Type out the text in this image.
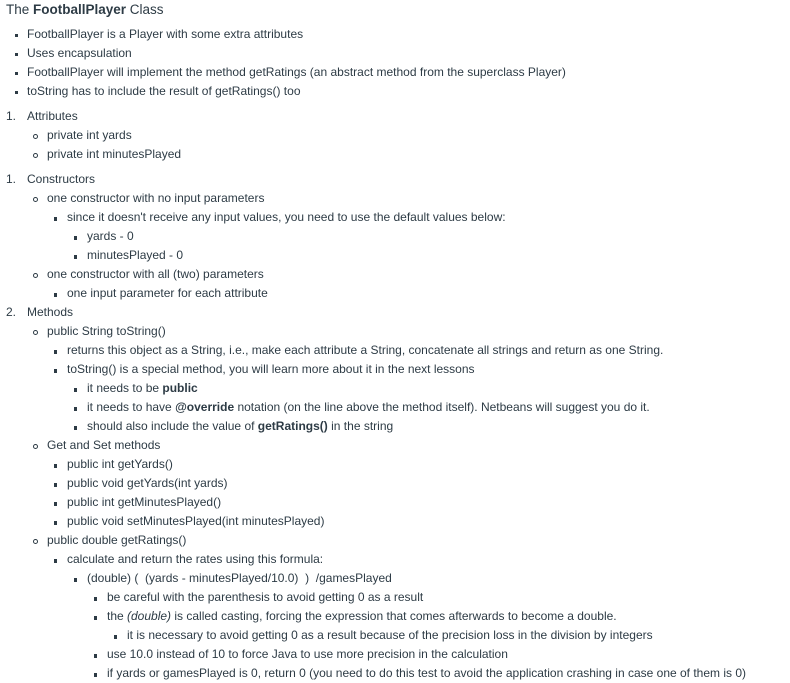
The FootballPlayer Class
FootballPlayer is a Player with some extra attributes
Uses encapsulation
FootballPlayer will implement the method getRatings (an abstract method from the superclass Player)
toString has to include the result of getRatings() too
1. Attributes
private int yards
private int minutesPlayed
1. Constructors
one constructor with no input parameters
since it doesn't receive any input values, you need to use the default values below:
yards - 0
minutesPlayed - 0
one constructor with all (two) parameters
one input parameter for each attribute
2. Methods
public String toString()
returns this object as a String, i.e., make each attribute a String, concatenate all strings and return as one String.
toString() is a special method, you will learn more about it in the next lessons
it needs to be public
it needs to have @override notation (on the line above the method itself). Netbeans will suggest you do it.
should also include the value of getRatings() in the string
Get and Set methods
public int getYards()
public void getYards(int yards)
public int getMinutesPlayed()
public void setMinutesPlayed(int minutesPlayed)
public double getRatings()
calculate and return the rates using this formula:
(double) (  (yards - minutesPlayed/10.0)  )  /gamesPlayed
be careful with the parenthesis to avoid getting 0 as a result
the (double) is called casting, forcing the expression that comes afterwards to become a double.
it is necessary to avoid getting 0 as a result because of the precision loss in the division by integers
use 10.0 instead of 10 to force Java to use more precision in the calculation
if yards or gamesPlayed is 0, return 0 (you need to do this test to avoid the application crashing in case one of them is 0)
